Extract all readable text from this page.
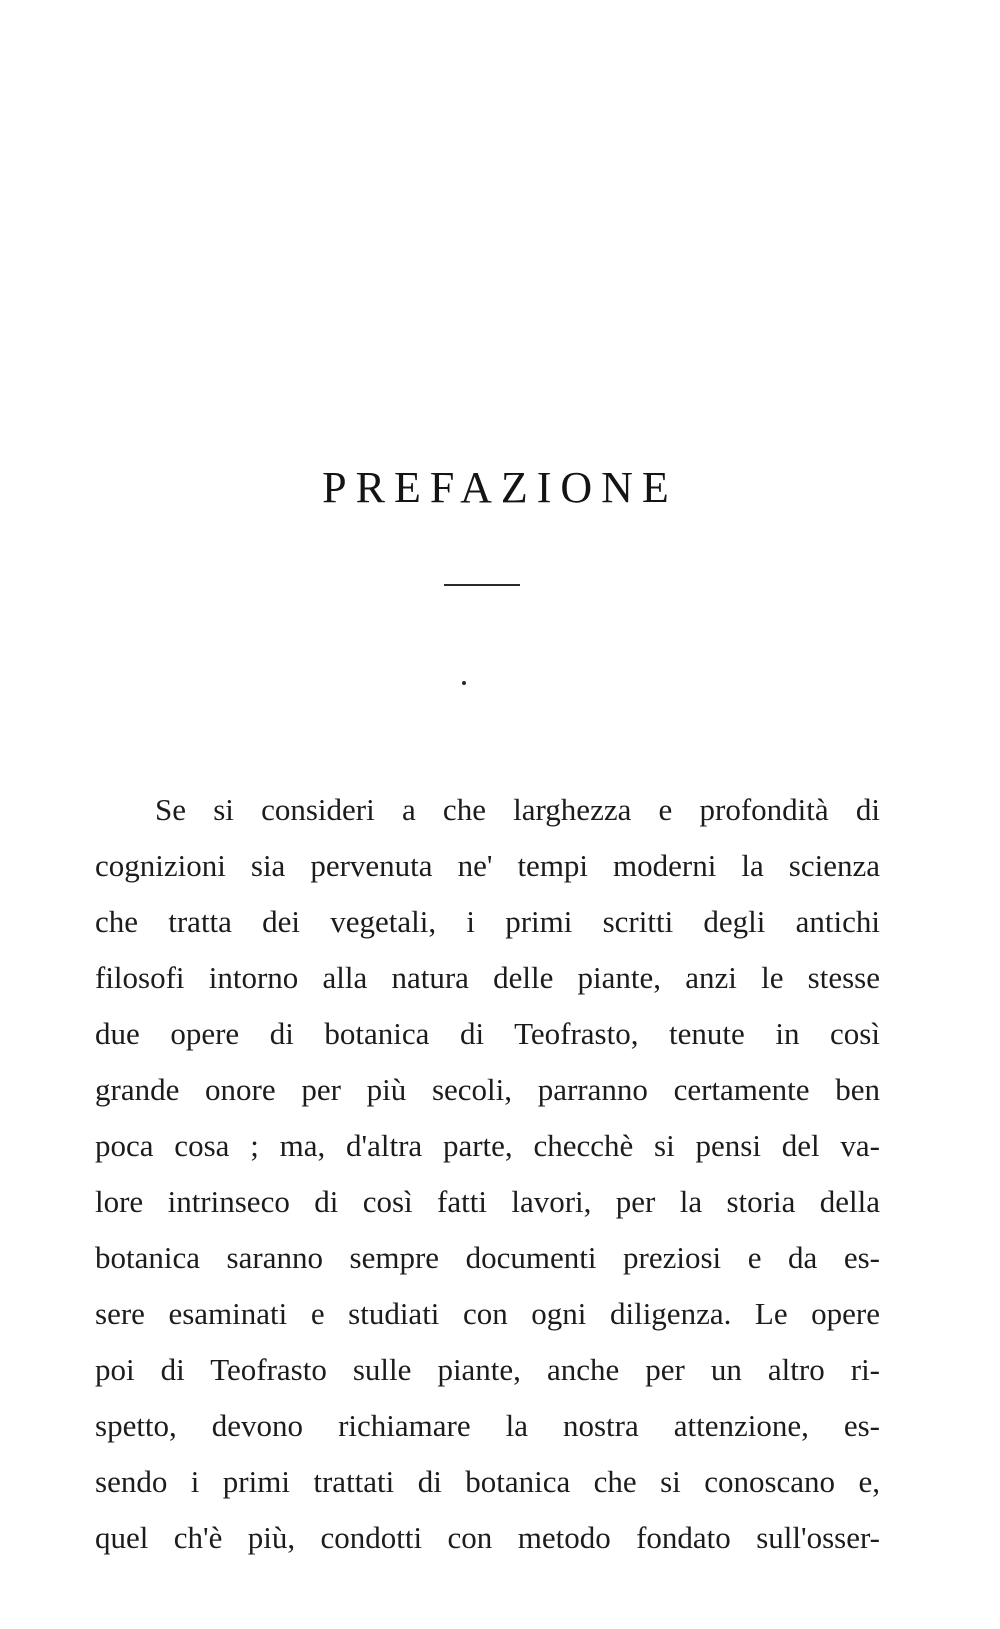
PREFAZIONE
Se si consideri a che larghezza e profondità di
cognizioni sia pervenuta ne' tempi moderni la scienza
che tratta dei vegetali, i primi scritti degli antichi
filosofi intorno alla natura delle piante, anzi le stesse
due opere di botanica di Teofrasto, tenute in così
grande onore per più secoli, parranno certamente ben
poca cosa ; ma, d'altra parte, checchè si pensi del va-
lore intrinseco di così fatti lavori, per la storia della
botanica saranno sempre documenti preziosi e da es-
sere esaminati e studiati con ogni diligenza. Le opere
poi di Teofrasto sulle piante, anche per un altro ri-
spetto, devono richiamare la nostra attenzione, es-
sendo i primi trattati di botanica che si conoscano e,
quel ch'è più, condotti con metodo fondato sull'osser-
